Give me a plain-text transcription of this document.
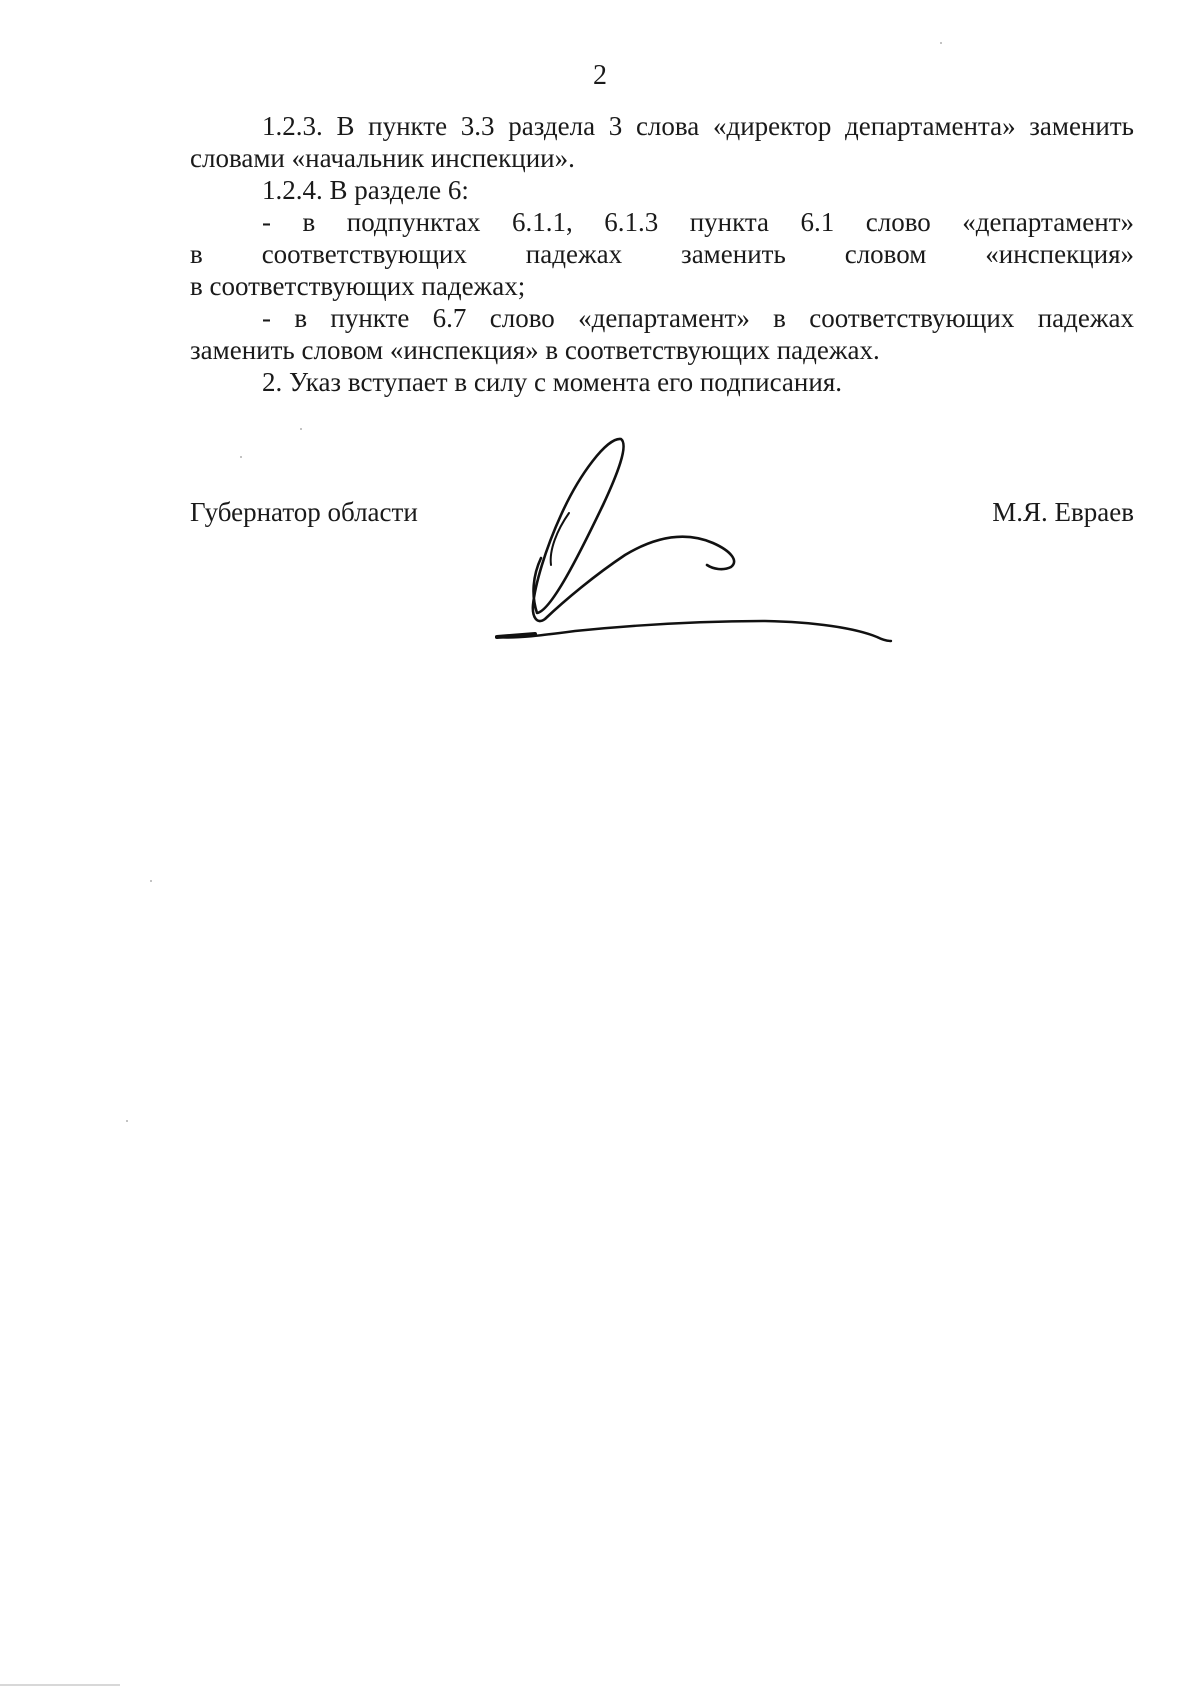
2
1.2.3. В пункте 3.3 раздела 3 слова «директор департамента» заменить
словами «начальник инспекции».
1.2.4. В разделе 6:
- в подпунктах 6.1.1, 6.1.3 пункта 6.1 слово «департамент»
в соответствующих падежах заменить словом «инспекция»
в соответствующих падежах;
- в пункте 6.7 слово «департамент» в соответствующих падежах
заменить словом «инспекция» в соответствующих падежах.
2. Указ вступает в силу с момента его подписания.
Губернатор области	М.Я. Евраев
